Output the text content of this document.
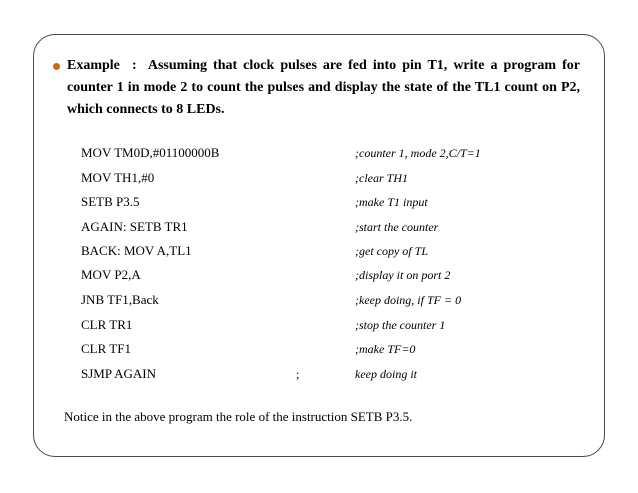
Example : Assuming that clock pulses are fed into pin T1, write a program for counter 1 in mode 2 to count the pulses and display the state of the TL1 count on P2, which connects to 8 LEDs.
MOV TM0D,#01100000B	;counter 1, mode 2,C/T=1
MOV TH1,#0	;clear TH1
SETB P3.5	;make T1 input
AGAIN: SETB TR1	;start the counter
BACK: MOV A,TL1	;get copy of TL
MOV P2,A	;display it on port 2
JNB TF1,Back	;keep doing, if TF = 0
CLR TR1	;stop the counter 1
CLR TF1	;make TF=0
SJMP AGAIN	;	keep doing it
Notice in the above program the role of the instruction SETB P3.5.
